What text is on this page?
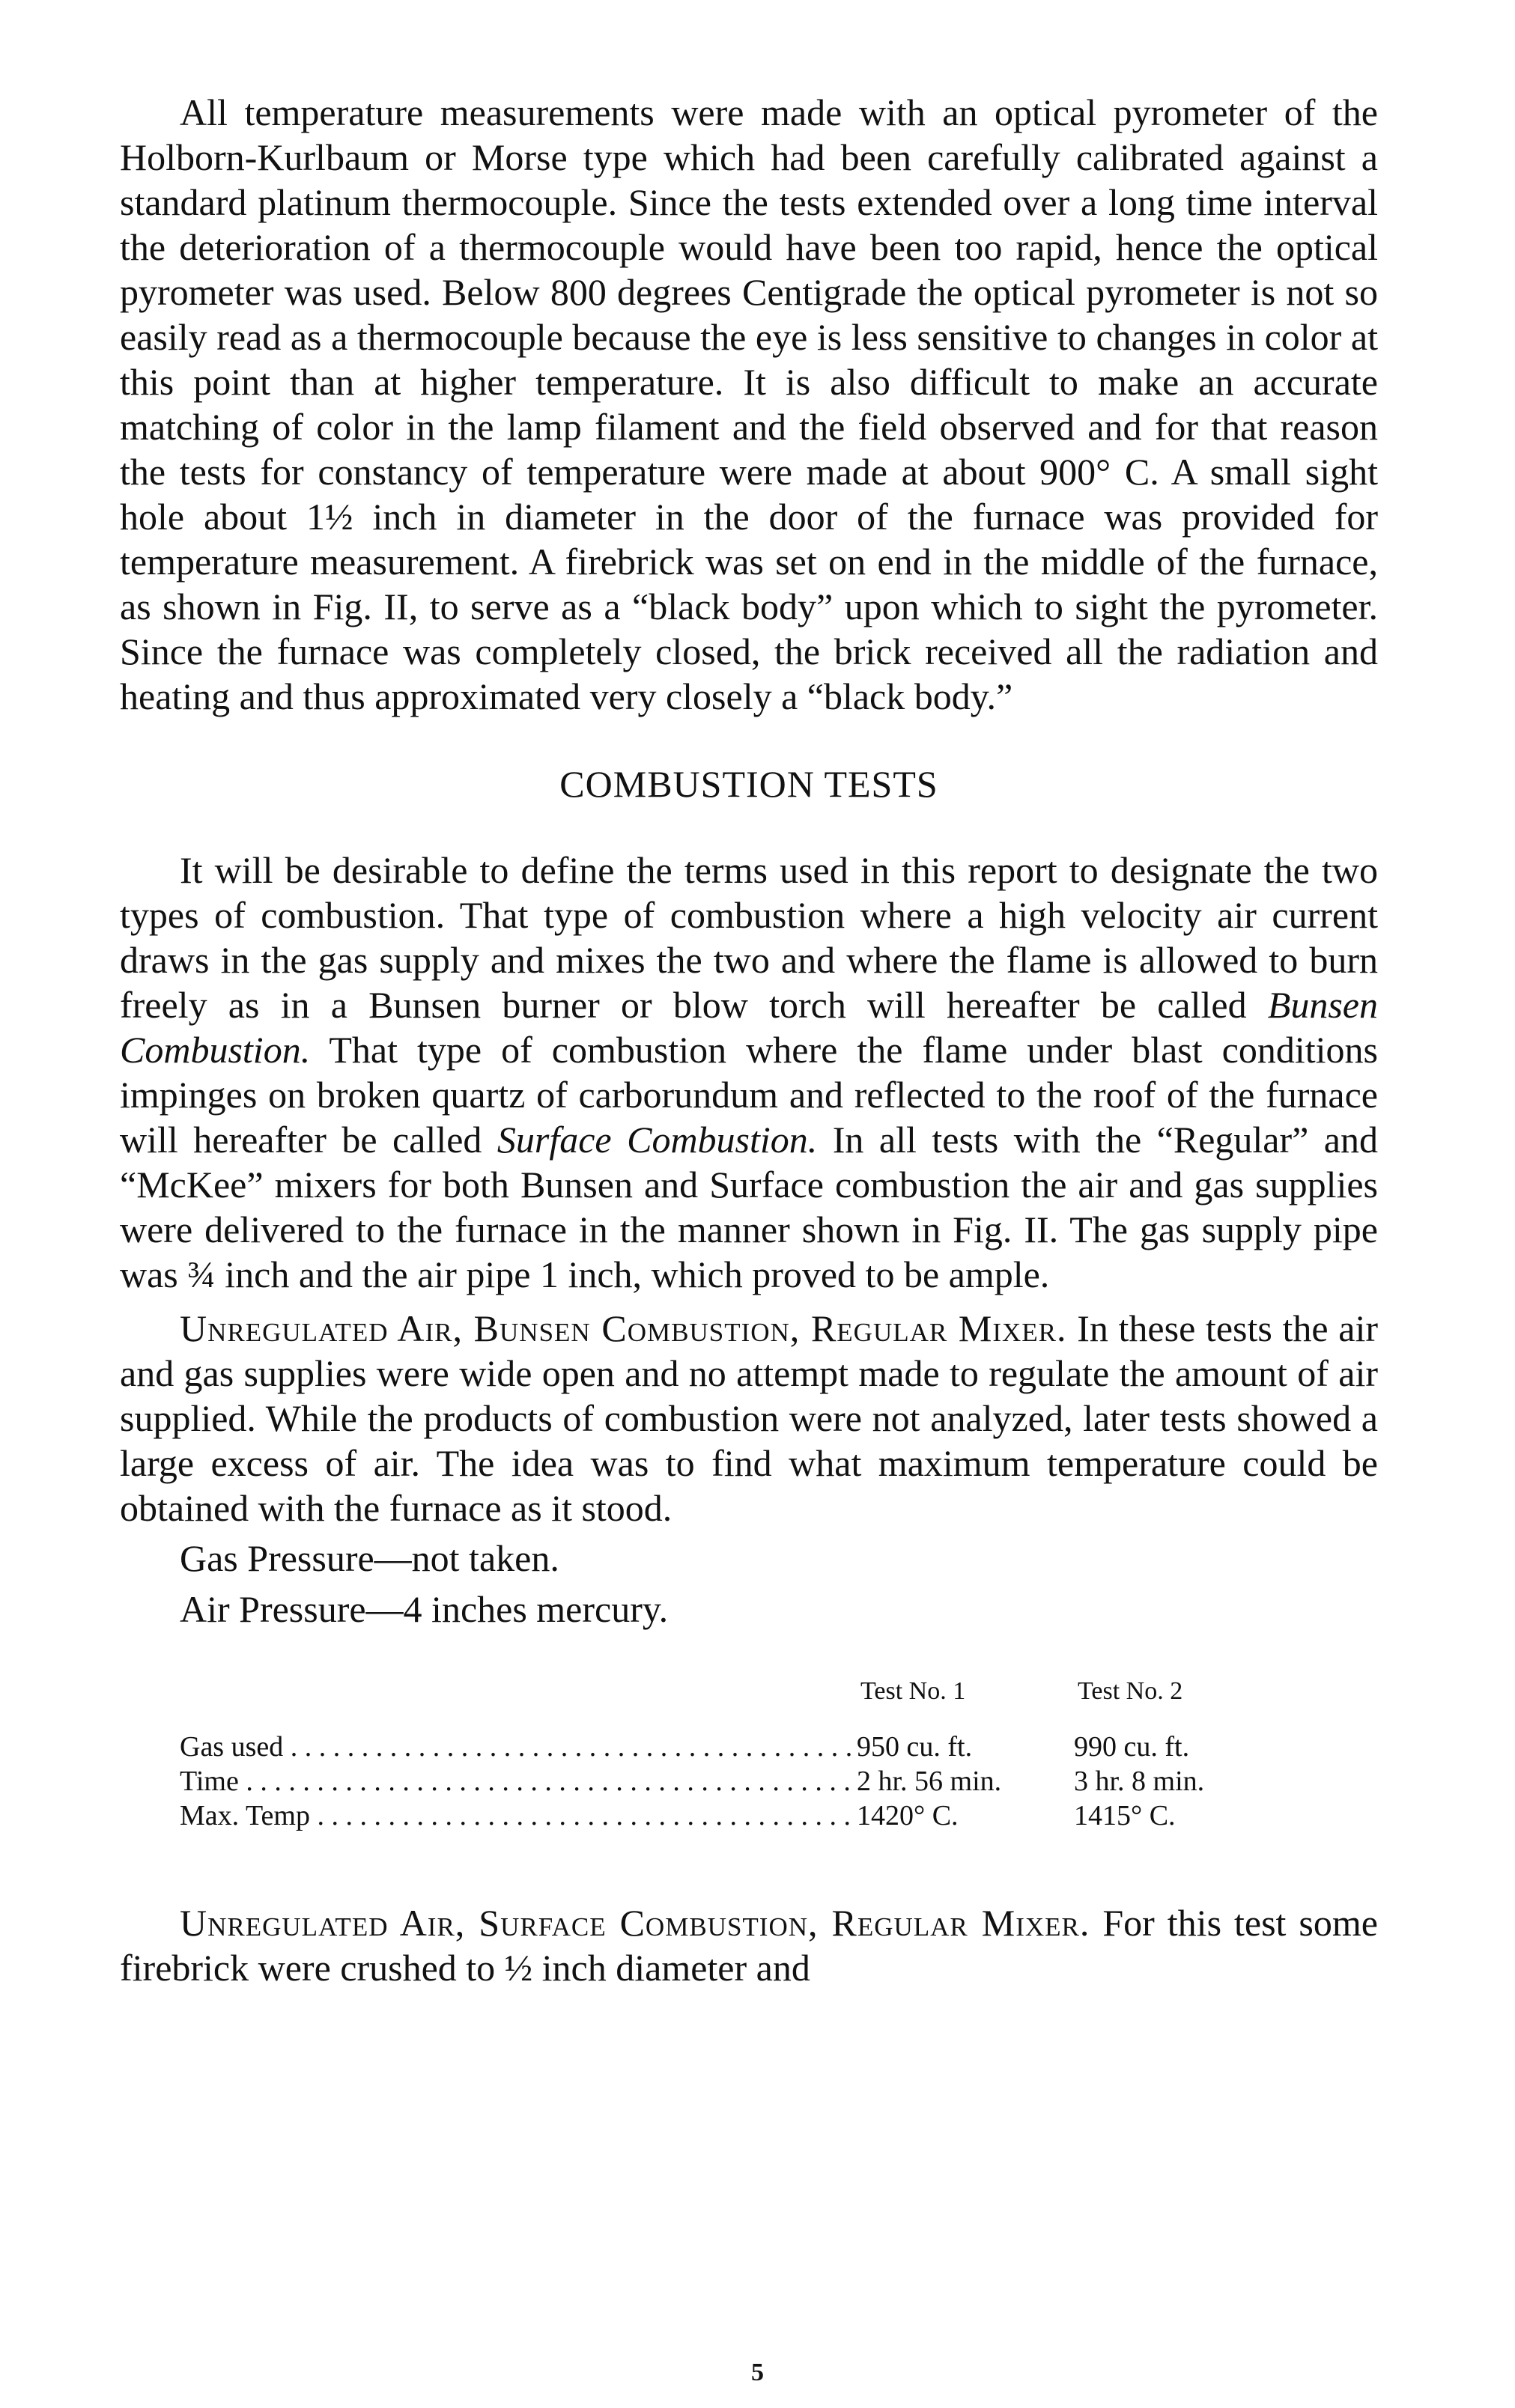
All temperature measurements were made with an optical pyrometer of the Holborn-Kurlbaum or Morse type which had been carefully calibrated against a standard platinum thermocouple. Since the tests extended over a long time interval the deterioration of a thermocouple would have been too rapid, hence the optical pyrometer was used. Below 800 degrees Centigrade the optical pyrometer is not so easily read as a thermocouple because the eye is less sensitive to changes in color at this point than at higher temperature. It is also difficult to make an accurate matching of color in the lamp filament and the field observed and for that reason the tests for constancy of temperature were made at about 900° C. A small sight hole about 1½ inch in diameter in the door of the furnace was provided for temperature measurement. A firebrick was set on end in the middle of the furnace, as shown in Fig. II, to serve as a “black body” upon which to sight the pyrometer. Since the furnace was completely closed, the brick received all the radiation and heating and thus approximated very closely a “black body.”

COMBUSTION TESTS

It will be desirable to define the terms used in this report to designate the two types of combustion. That type of combustion where a high velocity air current draws in the gas supply and mixes the two and where the flame is allowed to burn freely as in a Bunsen burner or blow torch will hereafter be called Bunsen Combustion. That type of combustion where the flame under blast conditions impinges on broken quartz of carborundum and reflected to the roof of the furnace will hereafter be called Surface Combustion. In all tests with the “Regular” and “McKee” mixers for both Bunsen and Surface combustion the air and gas supplies were delivered to the furnace in the manner shown in Fig. II. The gas supply pipe was ¾ inch and the air pipe 1 inch, which proved to be ample.

Unregulated Air, Bunsen Combustion, Regular Mixer. In these tests the air and gas supplies were wide open and no attempt made to regulate the amount of air supplied. While the products of combustion were not analyzed, later tests showed a large excess of air. The idea was to find what maximum temperature could be obtained with the furnace as it stood.

Gas Pressure—not taken.
Air Pressure—4 inches mercury.
Test No. 1	Test No. 2
Gas used . . .	950 cu. ft.	990 cu. ft.
Time . . .	2 hr. 56 min.	3 hr. 8 min.
Max. Temp . . .	1420° C.	1415° C.

Unregulated Air, Surface Combustion, Regular Mixer. For this test some firebrick were crushed to ½ inch diameter and

5
